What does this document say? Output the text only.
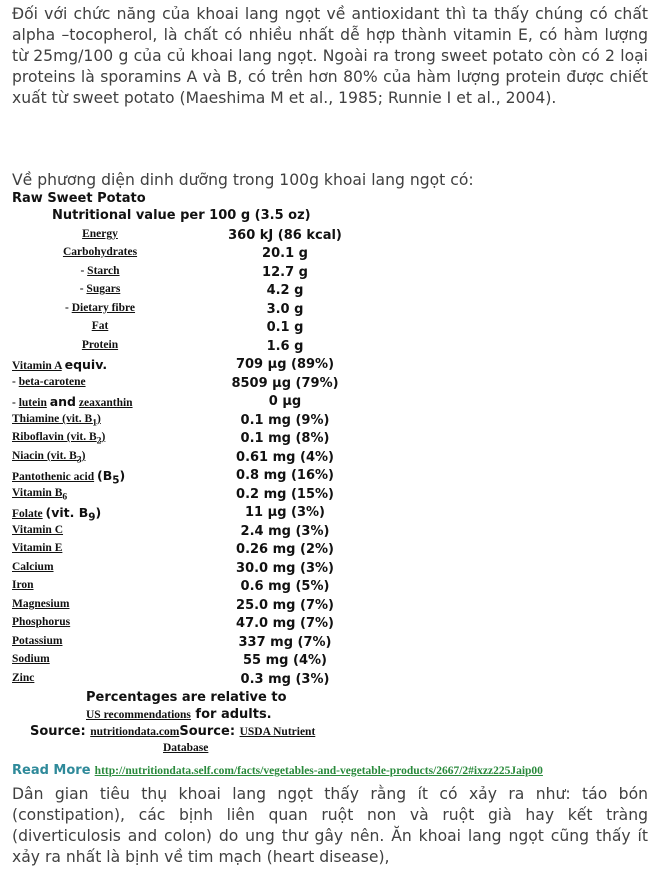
Đối với chức năng của khoai lang ngọt về antioxidant thì ta thấy chúng có chất alpha –tocopherol, là chất có nhiều nhất dễ hợp thành vitamin E, có hàm lượng từ 25mg/100 g của củ khoai lang ngọt. Ngoài ra trong sweet potato còn có 2 loại proteins là sporamins A và B, có trên hơn 80% của hàm lượng protein được chiết xuất từ sweet potato (Maeshima M et al., 1985; Runnie I et al., 2004).

Về phương diện dinh dưỡng trong 100g khoai lang ngọt có:

Raw Sweet Potato
Nutritional value per 100 g (3.5 oz)
Energy	360 kJ (86 kcal)
Carbohydrates	20.1 g
- Starch	12.7 g
- Sugars	4.2 g
- Dietary fibre	3.0 g
Fat	0.1 g
Protein	1.6 g
Vitamin A equiv.	709 μg (89%)
- beta-carotene	8509 μg (79%)
- lutein and zeaxanthin	0 μg
Thiamine (vit. $B_1$)	0.1 mg (9%)
Riboflavin (vit. $B_2$)	0.1 mg (8%)
Niacin (vit. $B_3$)	0.61 mg (4%)
Pantothenic acid $(B_5)$	0.8 mg (16%)
Vitamin $B_6$	0.2 mg (15%)
Folate (vit. $B_9$)	11 μg (3%)
Vitamin C	2.4 mg (3%)
Vitamin E	0.26 mg (2%)
Calcium	30.0 mg (3%)
Iron	0.6 mg (5%)
Magnesium	25.0 mg (7%)
Phosphorus	47.0 mg (7%)
Potassium	337 mg (7%)
Sodium	55 mg (4%)
Zinc	0.3 mg (3%)
Percentages are relative to
US recommendations for adults.
Source: nutritiondata.comSource: USDA Nutrient
Database
Read More http://nutritiondata.self.com/facts/vegetables-and-vegetable-products/2667/2#ixzz225Jaip00

Dân gian tiêu thụ khoai lang ngọt thấy rằng ít có xảy ra như: táo bón (constipation), các bịnh liên quan ruột non và ruột già hay kết tràng (diverticulosis and colon) do ung thư gây nên. Ăn khoai lang ngọt cũng thấy ít xảy ra nhất là bịnh về tim mạch (heart disease),
